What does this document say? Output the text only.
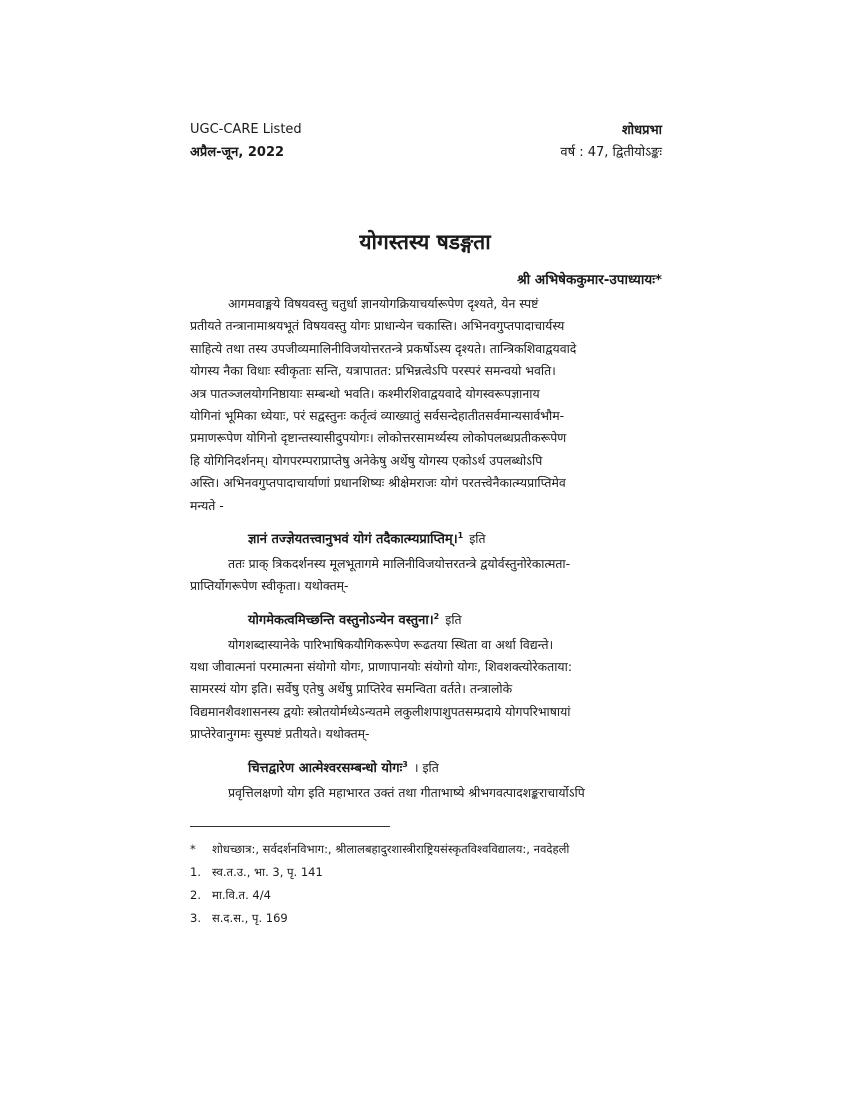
UGC-CARE Listed	शोधप्रभा
अप्रैल-जून, 2022	वर्ष : 47, द्वितीयोऽङ्कः
योगस्तस्य षडङ्गता
श्री अभिषेककुमार-उपाध्यायः*
आगमवाङ्मये विषयवस्तु चतुर्धा ज्ञानयोगक्रियाचर्यारूपेण दृश्यते, येन स्पष्टं
प्रतीयते तन्त्रानामाश्रयभूतं विषयवस्तु योगः प्राधान्येन चकास्ति। अभिनवगुप्तपादाचार्यस्य
साहित्ये तथा तस्य उपजीव्यमालिनीविजयोत्तरतन्त्रे प्रकर्षोऽस्य दृश्यते। तान्त्रिकशिवाद्वयवादे
योगस्य नैका विधाः स्वीकृताः सन्ति, यत्रापातत: प्रभिन्नत्वेऽपि परस्परं समन्वयो भवति।
अत्र पातञ्जलयोगनिष्ठायाः सम्बन्धो भवति। कश्मीरशिवाद्वयवादे योगस्वरूपज्ञानाय
योगिनां भूमिका ध्येयाः, परं सद्वस्तुनः कर्तृत्वं व्याख्यातुं सर्वसन्देहातीतसर्वमान्यसार्वभौम-
प्रमाणरूपेण योगिनो दृष्टान्तस्यासीदुपयोगः। लोकोत्तरसामर्थ्यस्य लोकोपलब्धप्रतीकरूपेण
हि योगिनिदर्शनम्। योगपरम्पराप्राप्तेषु अनेकेषु अर्थेषु योगस्य एकोऽर्थ उपलब्धोऽपि
अस्ति। अभिनवगुप्तपादाचार्याणां प्रधानशिष्यः श्रीक्षेमराजः योगं परतत्त्वेनैकात्म्यप्राप्तिमेव
मन्यते -
ज्ञानं तज्ज्ञेयतत्त्वानुभवं योगं तदैकात्म्यप्राप्तिम्।$^1$ इति
ततः प्राक् त्रिकदर्शनस्य मूलभूतागमे मालिनीविजयोत्तरतन्त्रे द्वयोर्वस्तुनोरेकात्मता-
प्राप्तिर्योगरूपेण स्वीकृता। यथोक्तम्-
योगमेकत्वमिच्छन्ति वस्तुनोऽन्येन वस्तुना।$^2$ इति
योगशब्दास्यानेके पारिभाषिकयौगिकरूपेण रूढतया स्थिता वा अर्था विद्यन्ते।
यथा जीवात्मनां परमात्मना संयोगो योगः, प्राणापानयोः संयोगो योगः, शिवशक्त्योरेकताया:
सामरस्यं योग इति। सर्वेषु एतेषु अर्थेषु प्राप्तिरेव समन्विता वर्तते। तन्त्रालोके
विद्यमानशैवशासनस्य द्वयोः स्त्रोतयोर्मध्येऽन्यतमे लकुलीशपाशुपतसम्प्रदाये योगपरिभाषायां
प्राप्तेरेवानुगमः सुस्पष्टं प्रतीयते। यथोक्तम्-
चित्तद्वारेण आत्मेश्वरसम्बन्धो योगः$^3$ । इति
प्रवृत्तिलक्षणो योग इति महाभारत उक्तं तथा गीताभाष्ये श्रीभगवत्पादशङ्कराचार्योऽपि
*	शोधच्छात्र:, सर्वदर्शनविभाग:, श्रीलालबहादुरशास्त्रीराष्ट्रियसंस्कृतविश्वविद्यालय:, नवदेहली
1. स्व.त.उ., भा. 3, पृ. 141
2. मा.वि.त. 4/4
3. स.द.स., पृ. 169
